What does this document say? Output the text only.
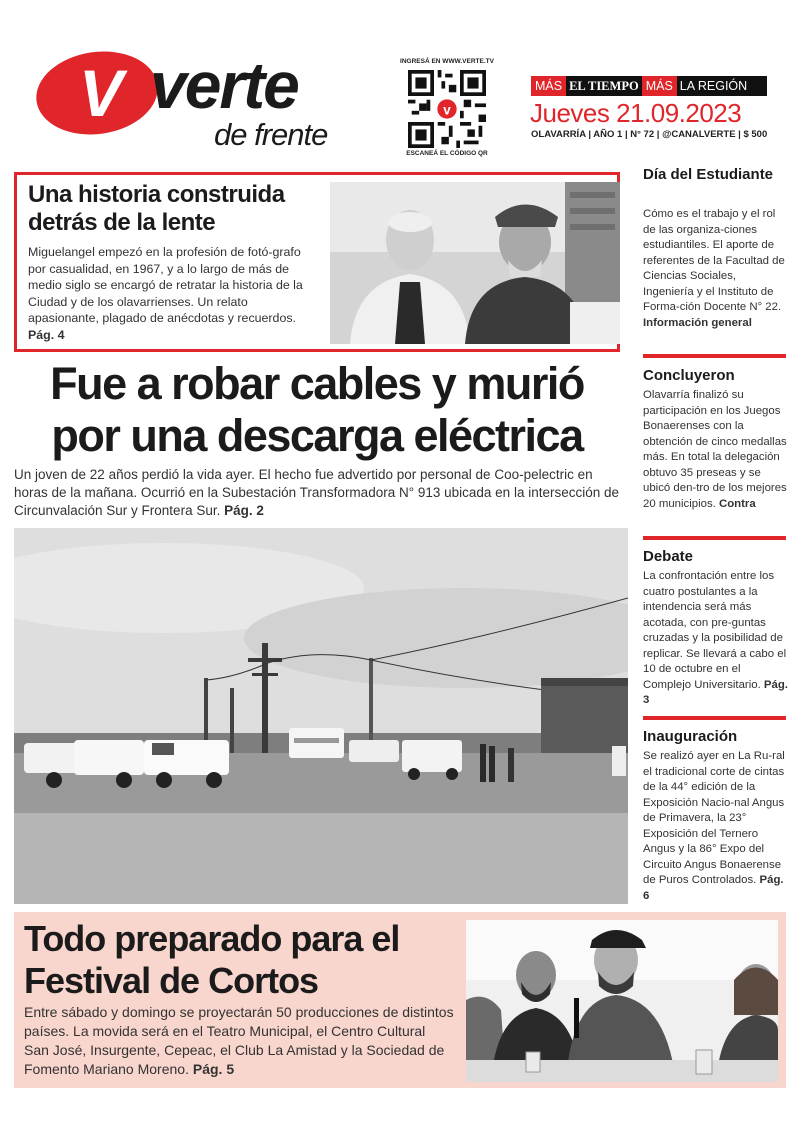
V verte
de frente
INGRESÁ EN WWW.VERTE.TV
v
ESCANEÁ EL CÓDIGO QR
MÁS EL TIEMPO MÁS LA REGIÓN
Jueves 21.09.2023
OLAVARRÍA | AÑO 1 | N° 72 | @CANALVERTE | $ 500
Una historia construida detrás de la lente
Miguelangel empezó en la profesión de fotó-grafo por casualidad, en 1967, y a lo largo de más de medio siglo se encargó de retratar la historia de la Ciudad y de los olavarrienses. Un relato apasionante, plagado de anécdotas y recuerdos. Pág. 4
Fue a robar cables y murió por una descarga eléctrica
Un joven de 22 años perdió la vida ayer. El hecho fue advertido por personal de Coo-pelectric en horas de la mañana. Ocurrió en la Subestación Transformadora N° 913 ubicada en la intersección de Circunvalación Sur y Frontera Sur. Pág. 2
Día del Estudiante
Cómo es el trabajo y el rol de las organiza-ciones estudiantiles. El aporte de referentes de la Facultad de Ciencias Sociales, Ingeniería y el Instituto de Forma-ción Docente N° 22. Información general
Concluyeron
Olavarría finalizó su participación en los Juegos Bonaerenses con la obtención de cinco medallas más. En total la delegación obtuvo 35 preseas y se ubicó den-tro de los mejores 20 municipios. Contra
Debate
La confrontación entre los cuatro postulantes a la intendencia será más acotada, con pre-guntas cruzadas y la posibilidad de replicar. Se llevará a cabo el 10 de octubre en el Complejo Universitario. Pág. 3
Inauguración
Se realizó ayer en La Ru-ral el tradicional corte de cintas de la 44° edición de la Exposición Nacio-nal Angus de Primavera, la 23° Exposición del Ternero Angus y la 86° Expo del Circuito Angus Bonaerense de Puros Controlados. Pág. 6
Todo preparado para el Festival de Cortos
Entre sábado y domingo se proyectarán 50 producciones de distintos países. La movida será en el Teatro Municipal, el Centro Cultural San José, Insurgente, Cepeac, el Club La Amistad y la Sociedad de Fomento Mariano Moreno. Pág. 5
